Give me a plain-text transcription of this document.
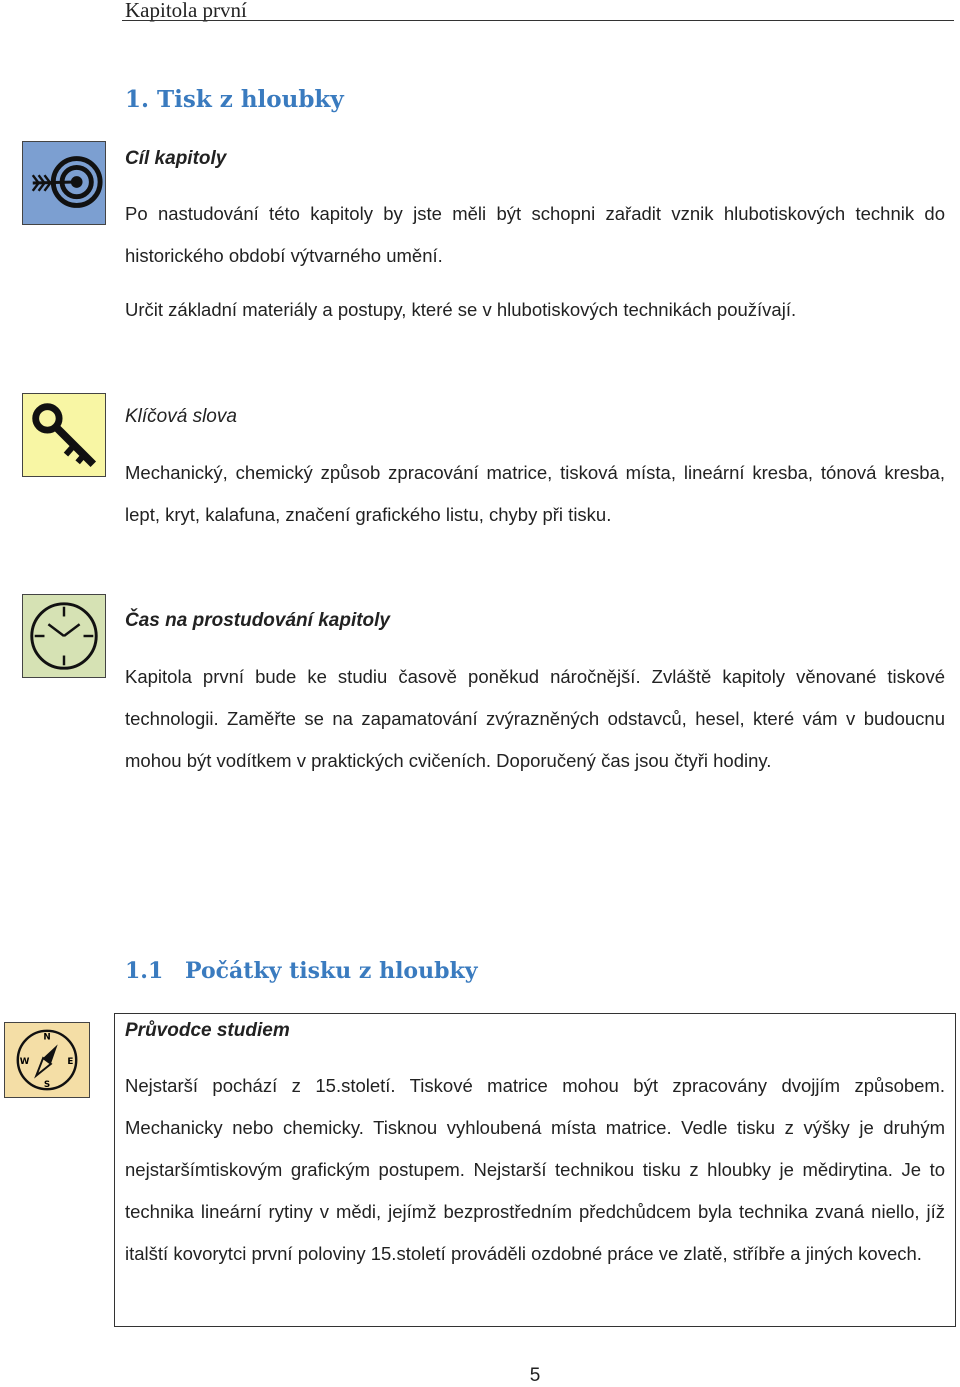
Kapitola první
1. Tisk z hloubky
Cíl kapitoly
Po nastudování této kapitoly by jste měli být schopni zařadit vznik hlubotiskových technik do historického období výtvarného umění.
Určit základní materiály a postupy, které se v hlubotiskových technikách používají.
Klíčová slova
Mechanický, chemický způsob zpracování matrice, tisková místa, lineární kresba, tónová kresba, lept, kryt, kalafuna, značení grafického listu, chyby při tisku.
Čas na prostudování kapitoly
Kapitola první bude ke studiu časově poněkud náročnější. Zvláště kapitoly věnované tiskové technologii. Zaměřte se na zapamatování zvýrazněných odstavců, hesel, které vám v budoucnu mohou být vodítkem v praktických cvičeních. Doporučený čas jsou čtyři hodiny.
1.1 Počátky tisku z hloubky
N
S
W	E
Průvodce studiem
Nejstarší pochází z 15.století. Tiskové matrice mohou být zpracovány dvojjím způsobem. Mechanicky nebo chemicky. Tisknou vyhloubená místa matrice. Vedle tisku z výšky je druhým nejstaršímtiskovým grafickým postupem. Nejstarší technikou tisku z hloubky je mědirytina. Je to technika lineární rytiny v mědi, jejímž bezprostředním předchůdcem byla technika zvaná niello, jíž italští kovorytci první poloviny 15.století prováděli ozdobné práce ve zlatě, stříbře a jiných kovech.
5
